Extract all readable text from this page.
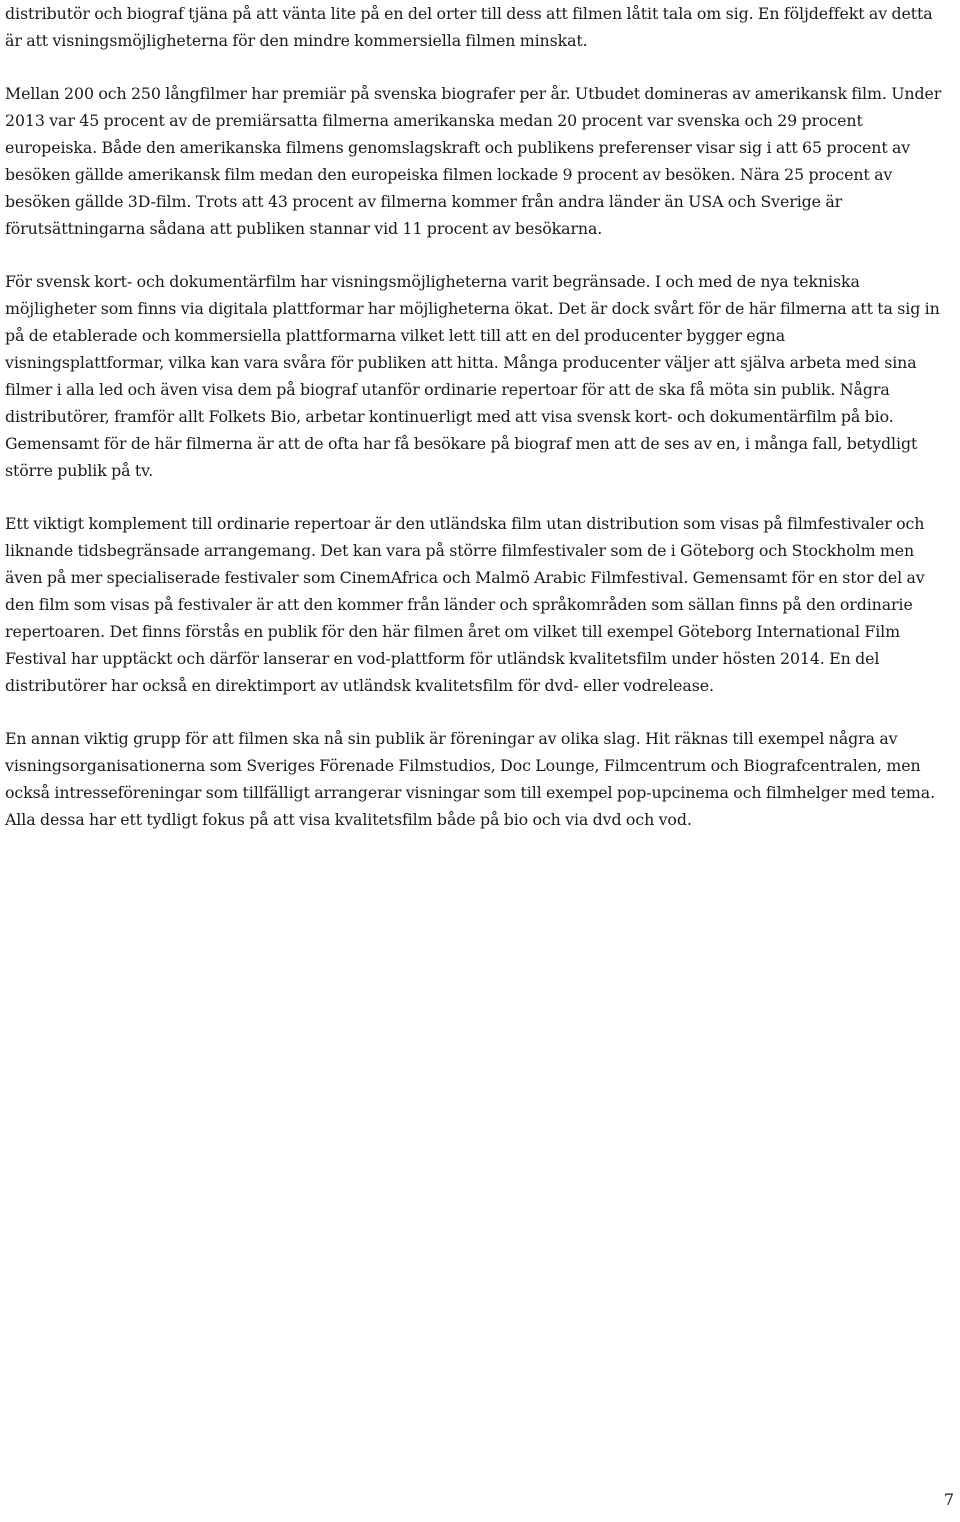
distributör och biograf tjäna på att vänta lite på en del orter till dess att filmen låtit tala om sig. En följdeffekt av detta är att visningsmöjligheterna för den mindre kommersiella filmen minskat.

Mellan 200 och 250 långfilmer har premiär på svenska biografer per år. Utbudet domineras av amerikansk film. Under 2013 var 45 procent av de premiärsatta filmerna amerikanska medan 20 procent var svenska och 29 procent europeiska. Både den amerikanska filmens genomslagskraft och publikens preferenser visar sig i att 65 procent av besöken gällde amerikansk film medan den europeiska filmen lockade 9 procent av besöken. Nära 25 procent av besöken gällde 3D-film. Trots att 43 procent av filmerna kommer från andra länder än USA och Sverige är förutsättningarna sådana att publiken stannar vid 11 procent av besökarna.

För svensk kort- och dokumentärfilm har visningsmöjligheterna varit begränsade. I och med de nya tekniska möjligheter som finns via digitala plattformar har möjligheterna ökat. Det är dock svårt för de här filmerna att ta sig in på de etablerade och kommersiella plattformarna vilket lett till att en del producenter bygger egna visningsplattformar, vilka kan vara svåra för publiken att hitta. Många producenter väljer att själva arbeta med sina filmer i alla led och även visa dem på biograf utanför ordinarie repertoar för att de ska få möta sin publik. Några distributörer, framför allt Folkets Bio, arbetar kontinuerligt med att visa svensk kort- och dokumentärfilm på bio. Gemensamt för de här filmerna är att de ofta har få besökare på biograf men att de ses av en, i många fall, betydligt större publik på tv.

Ett viktigt komplement till ordinarie repertoar är den utländska film utan distribution som visas på filmfestivaler och liknande tidsbegränsade arrangemang. Det kan vara på större filmfestivaler som de i Göteborg och Stockholm men även på mer specialiserade festivaler som CinemAfrica och Malmö Arabic Filmfestival. Gemensamt för en stor del av den film som visas på festivaler är att den kommer från länder och språkområden som sällan finns på den ordinarie repertoaren. Det finns förstås en publik för den här filmen året om vilket till exempel Göteborg International Film Festival har upptäckt och därför lanserar en vod-plattform för utländsk kvalitetsfilm under hösten 2014. En del distributörer har också en direktimport av utländsk kvalitetsfilm för dvd- eller vodrelease.

En annan viktig grupp för att filmen ska nå sin publik är föreningar av olika slag. Hit räknas till exempel några av visningsorganisationerna som Sveriges Förenade Filmstudios, Doc Lounge, Filmcentrum och Biografcentralen, men också intresseföreningar som tillfälligt arrangerar visningar som till exempel pop-upcinema och filmhelger med tema. Alla dessa har ett tydligt fokus på att visa kvalitetsfilm både på bio och via dvd och vod.

7
